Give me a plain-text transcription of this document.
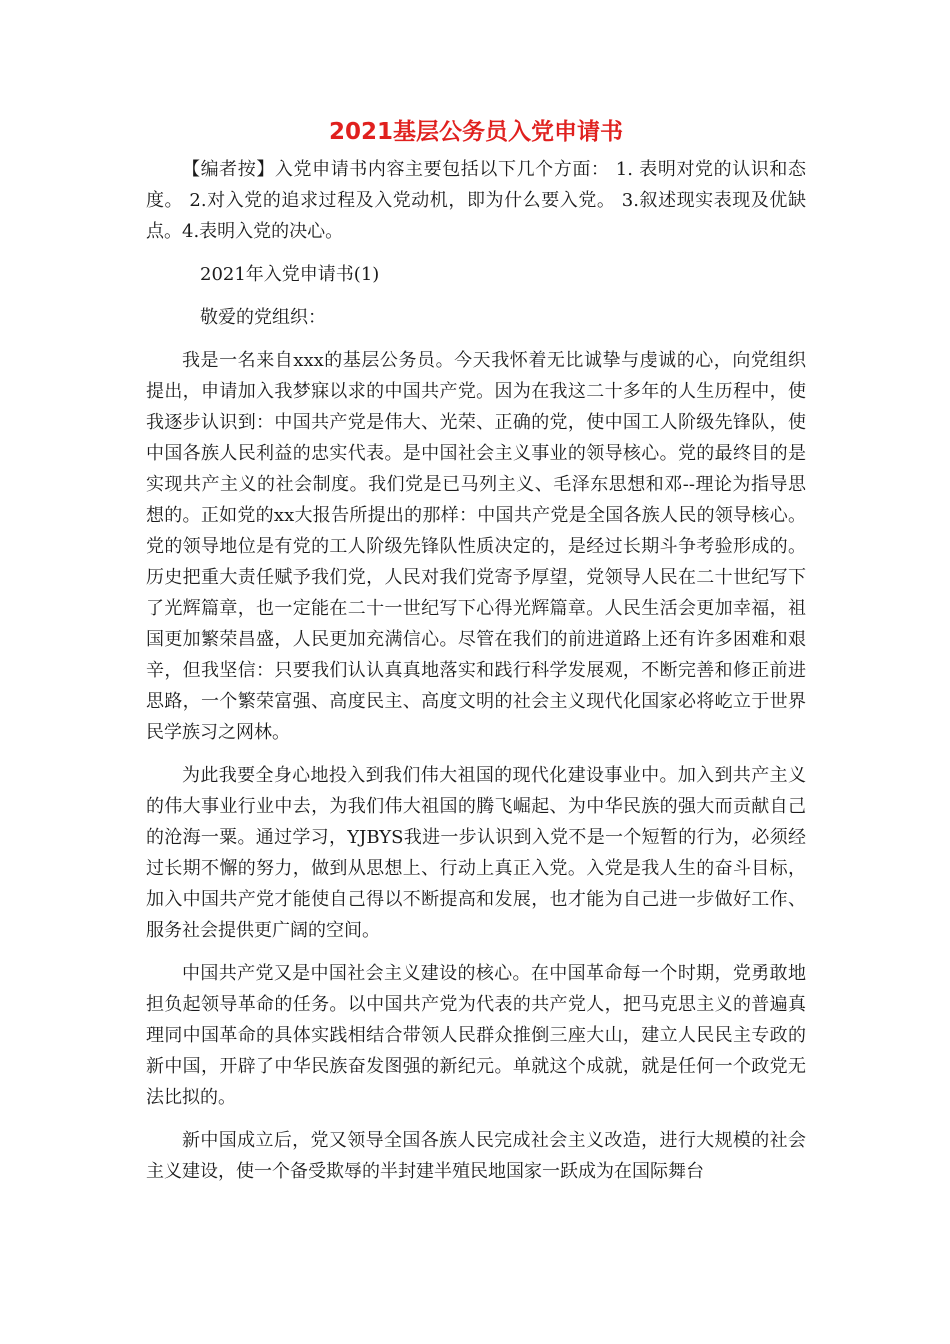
2021基层公务员入党申请书

【编者按】入党申请书内容主要包括以下几个方面： 1. 表明对党的认识和态度。 2.对入党的追求过程及入党动机，即为什么要入党。 3.叙述现实表现及优缺点。4.表明入党的决心。

2021年入党申请书(1)

敬爱的党组织：

我是一名来自xxx的基层公务员。今天我怀着无比诚挚与虔诚的心，向党组织提出，申请加入我梦寐以求的中国共产党。因为在我这二十多年的人生历程中，使我逐步认识到：中国共产党是伟大、光荣、正确的党，使中国工人阶级先锋队，使中国各族人民利益的忠实代表。是中国社会主义事业的领导核心。党的最终目的是实现共产主义的社会制度。我们党是已马列主义、毛泽东思想和邓--理论为指导思想的。正如党的xx大报告所提出的那样：中国共产党是全国各族人民的领导核心。党的领导地位是有党的工人阶级先锋队性质决定的，是经过长期斗争考验形成的。历史把重大责任赋予我们党，人民对我们党寄予厚望，党领导人民在二十世纪写下了光辉篇章，也一定能在二十一世纪写下心得光辉篇章。人民生活会更加幸福，祖国更加繁荣昌盛，人民更加充满信心。尽管在我们的前进道路上还有许多困难和艰辛，但我坚信：只要我们认认真真地落实和践行科学发展观，不断完善和修正前进思路，一个繁荣富强、高度民主、高度文明的社会主义现代化国家必将屹立于世界民学族习之网林。

为此我要全身心地投入到我们伟大祖国的现代化建设事业中。加入到共产主义的伟大事业行业中去，为我们伟大祖国的腾飞崛起、为中华民族的强大而贡献自己的沧海一粟。通过学习，YJBYS我进一步认识到入党不是一个短暂的行为，必须经过长期不懈的努力，做到从思想上、行动上真正入党。入党是我人生的奋斗目标，加入中国共产党才能使自己得以不断提高和发展，也才能为自己进一步做好工作、服务社会提供更广阔的空间。

中国共产党又是中国社会主义建设的核心。在中国革命每一个时期，党勇敢地担负起领导革命的任务。以中国共产党为代表的共产党人，把马克思主义的普遍真理同中国革命的具体实践相结合带领人民群众推倒三座大山，建立人民民主专政的新中国，开辟了中华民族奋发图强的新纪元。单就这个成就，就是任何一个政党无法比拟的。

新中国成立后，党又领导全国各族人民完成社会主义改造，进行大规模的社会主义建设，使一个备受欺辱的半封建半殖民地国家一跃成为在国际舞台
